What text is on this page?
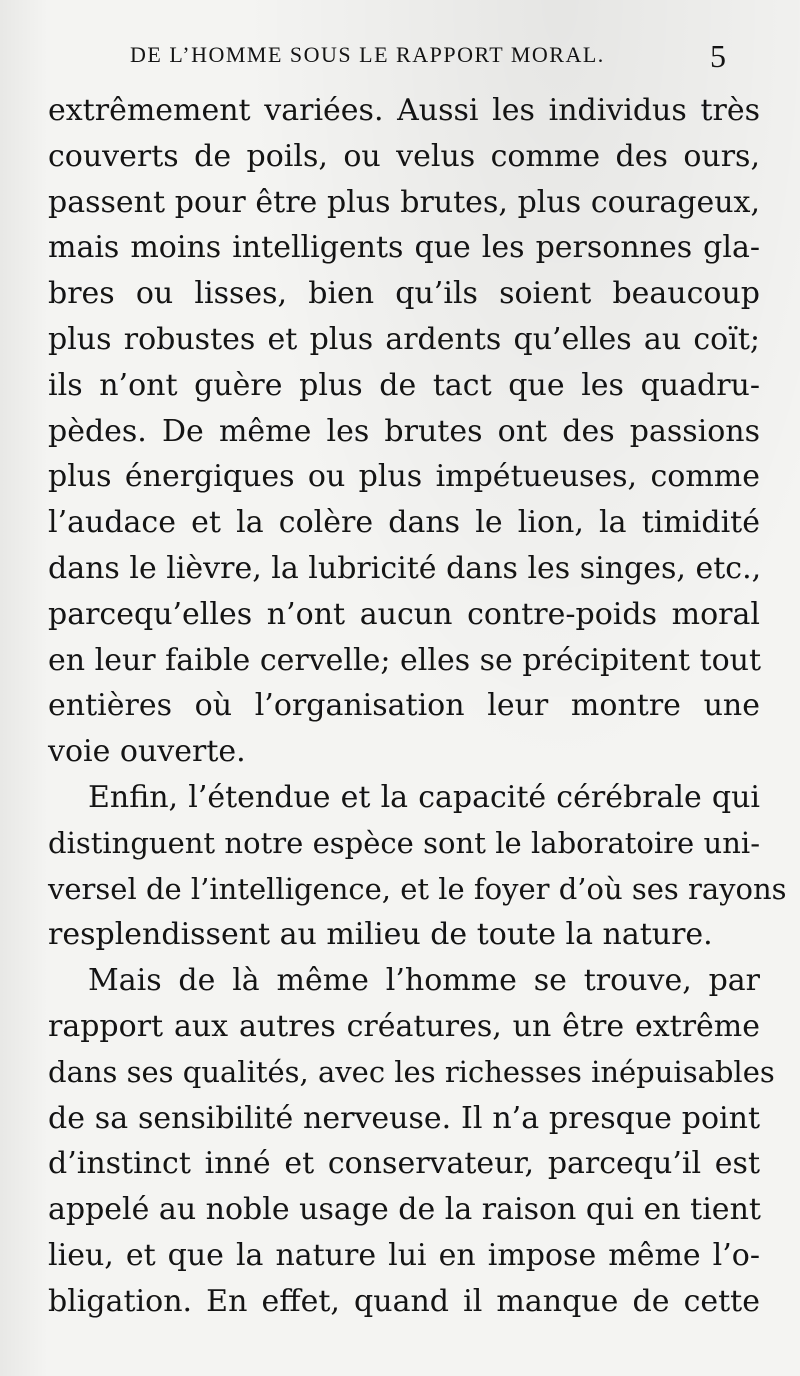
DE L’HOMME SOUS LE RAPPORT MORAL.	5
extrêmement variées. Aussi les individus très
couverts de poils, ou velus comme des ours,
passent pour être plus brutes, plus courageux,
mais moins intelligents que les personnes gla-
bres ou lisses, bien qu’ils soient beaucoup
plus robustes et plus ardents qu’elles au coït;
ils n’ont guère plus de tact que les quadru-
pèdes. De même les brutes ont des passions
plus énergiques ou plus impétueuses, comme
l’audace et la colère dans le lion, la timidité
dans le lièvre, la lubricité dans les singes, etc.,
parcequ’elles n’ont aucun contre-poids moral
en leur faible cervelle; elles se précipitent tout
entières où l’organisation leur montre une
voie ouverte.
Enfin, l’étendue et la capacité cérébrale qui
distinguent notre espèce sont le laboratoire uni-
versel de l’intelligence, et le foyer d’où ses rayons
resplendissent au milieu de toute la nature.
Mais de là même l’homme se trouve, par
rapport aux autres créatures, un être extrême
dans ses qualités, avec les richesses inépuisables
de sa sensibilité nerveuse. Il n’a presque point
d’instinct inné et conservateur, parcequ’il est
appelé au noble usage de la raison qui en tient
lieu, et que la nature lui en impose même l’o-
bligation. En effet, quand il manque de cette
